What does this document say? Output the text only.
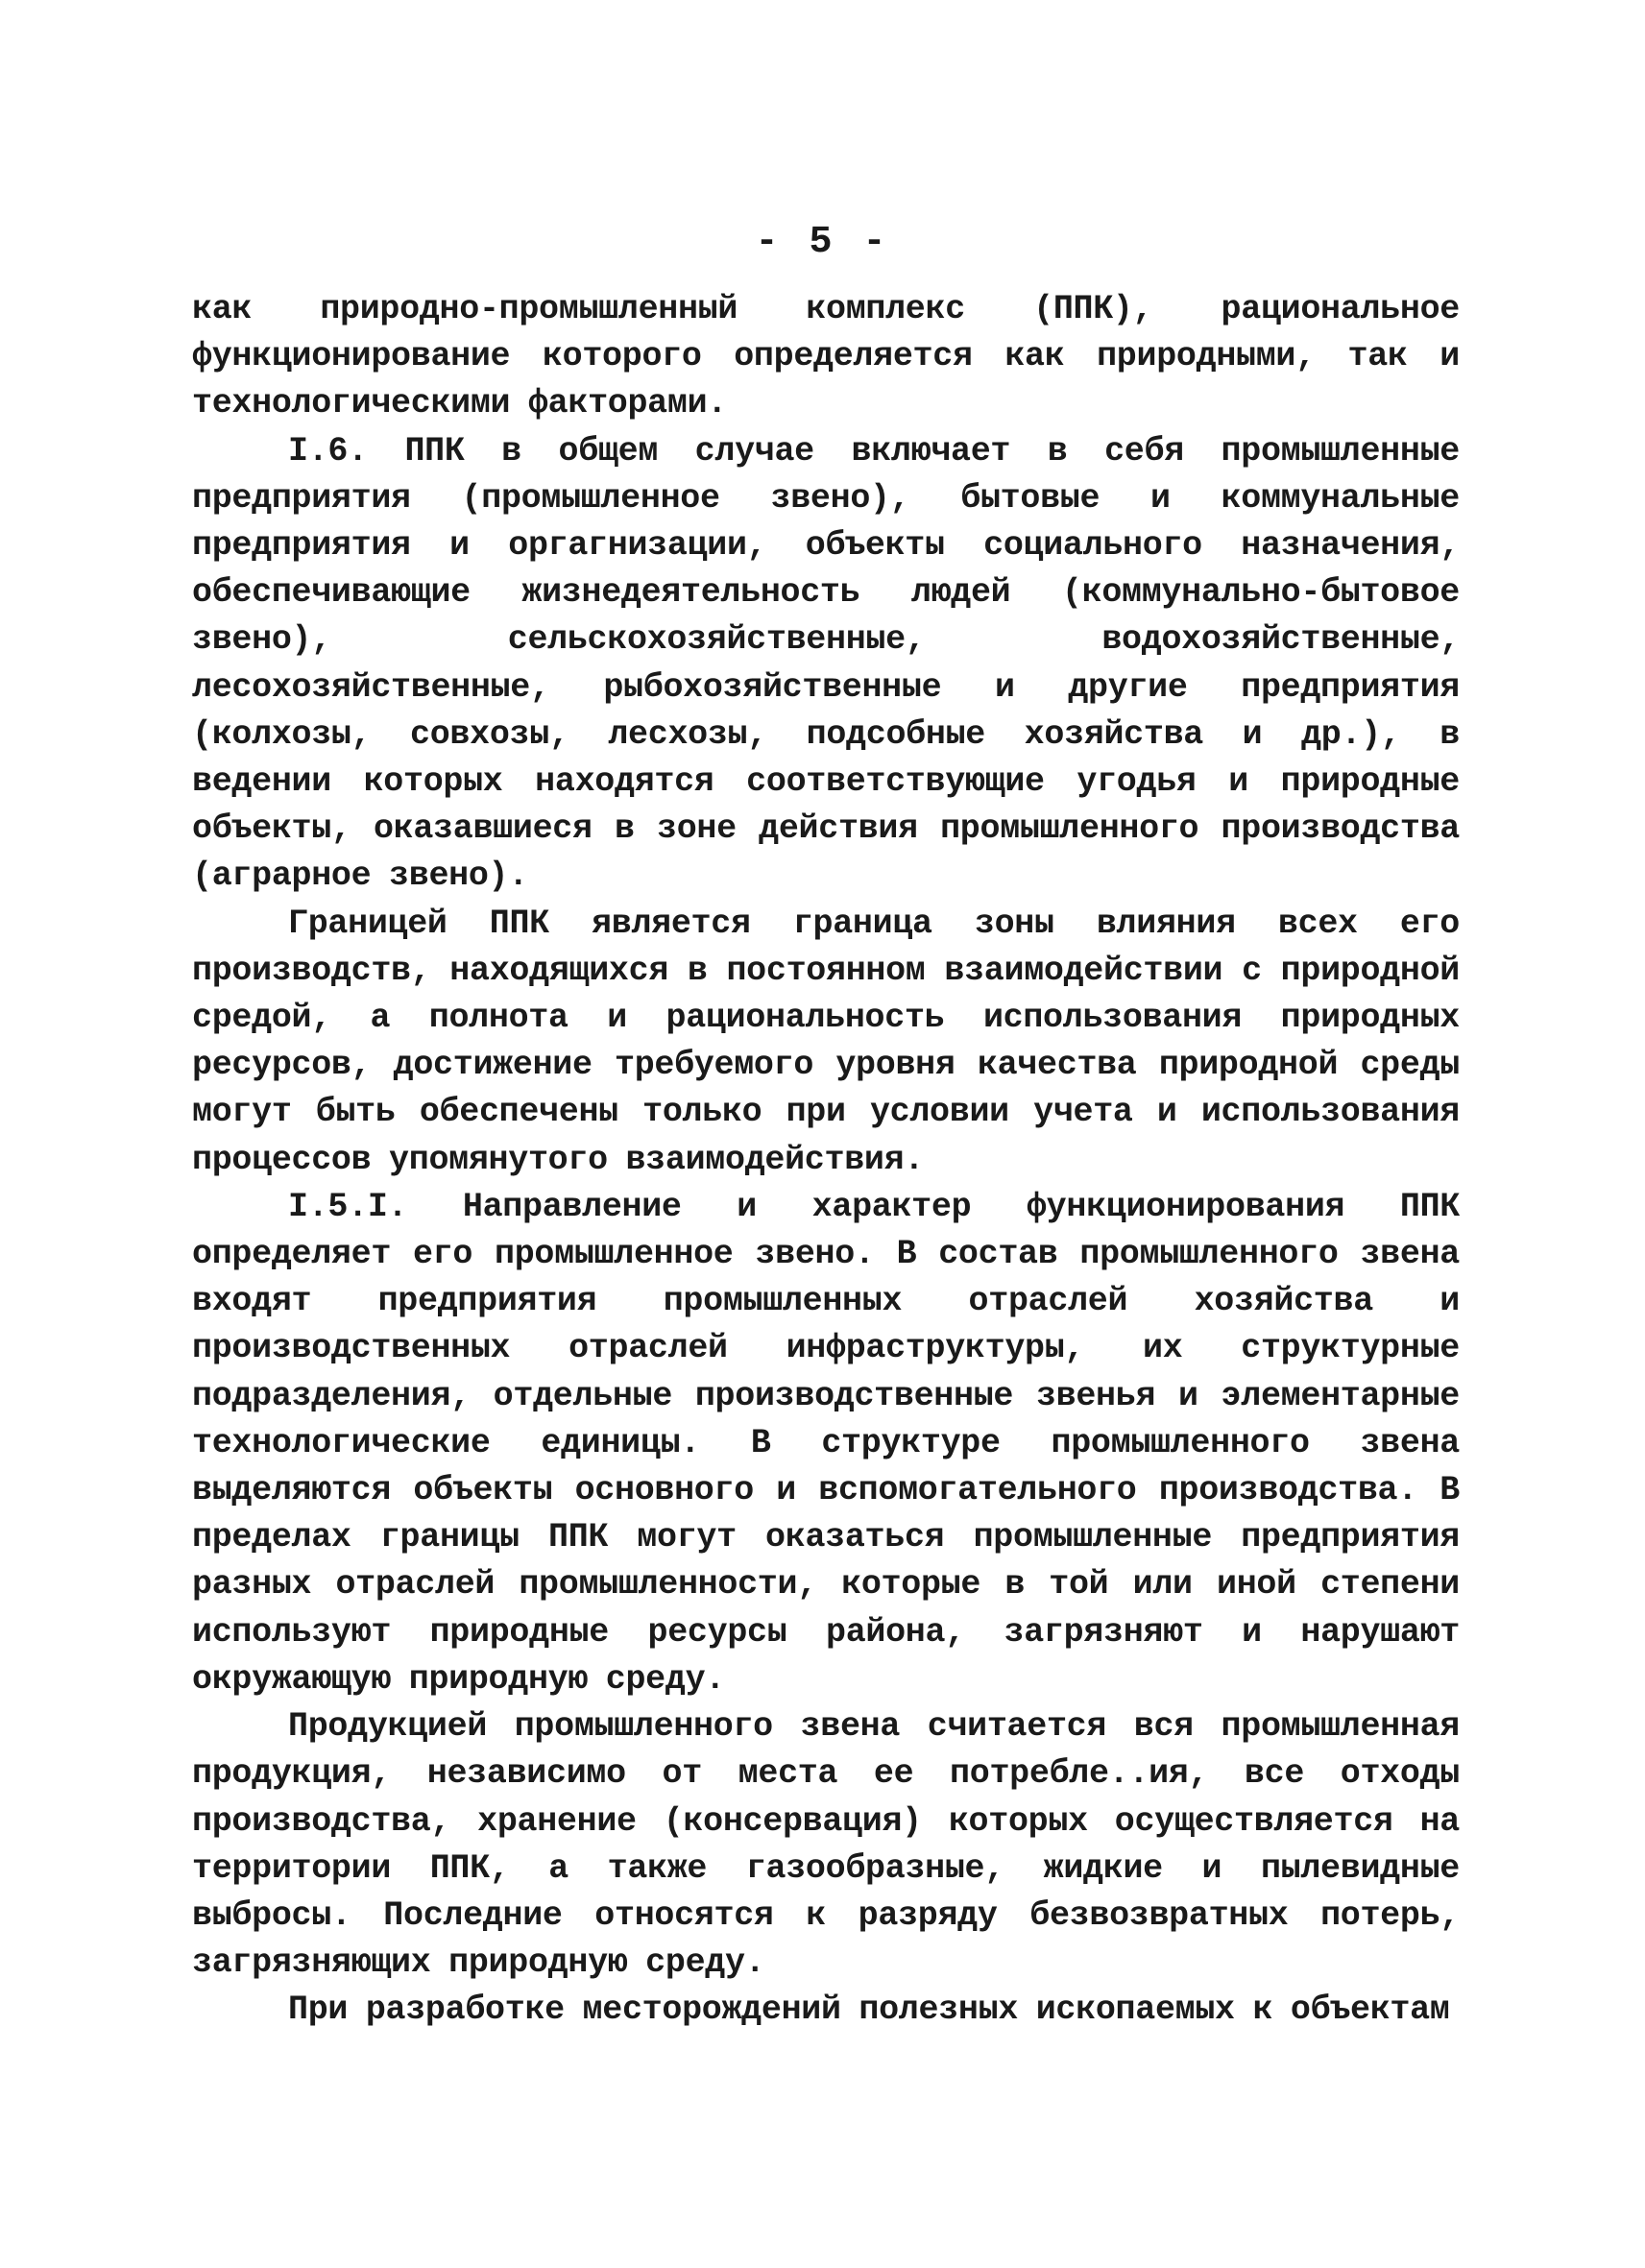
- 5 -

как природно-промышленный комплекс (ППК), рациональное функционирование которого определяется как природными, так и технологическими факторами.

I.6. ППК в общем случае включает в себя промышленные предприятия (промышленное звено), бытовые и коммунальные предприятия и оргагнизации, объекты социального назначения, обеспечивающие жизнедеятельность людей (коммунально-бытовое звено), сельскохозяйственные, водохозяйственные, лесохозяйственные, рыбохозяйственные и другие предприятия (колхозы, совхозы, лесхозы, подсобные хозяйства и др.), в ведении которых находятся соответствующие угодья и природные объекты, оказавшиеся в зоне действия промышленного производства (аграрное звено).

Границей ППК является граница зоны влияния всех его производств, находящихся в постоянном взаимодействии с природной средой, а полнота и рациональность использования природных ресурсов, достижение требуемого уровня качества природной среды могут быть обеспечены только при условии учета и использования процессов упомянутого взаимодействия.

I.5.I. Направление и характер функционирования ППК определяет его промышленное звено. В состав промышленного звена входят предприятия промышленных отраслей хозяйства и производственных отраслей инфраструктуры, их структурные подразделения, отдельные производственные звенья и элементарные технологические единицы. В структуре промышленного звена выделяются объекты основного и вспомогательного производства. В пределах границы ППК могут оказаться промышленные предприятия разных отраслей промышленности, которые в той или иной степени используют природные ресурсы района, загрязняют и нарушают окружающую природную среду.

Продукцией промышленного звена считается вся промышленная продукция, независимо от места ее потребле..ия, все отходы производства, хранение (консервация) которых осуществляется на территории ППК, а также газообразные, жидкие и пылевидные выбросы. Последние относятся к разряду безвозвратных потерь, загрязняющих природную среду.

При разработке месторождений полезных ископаемых к объектам
